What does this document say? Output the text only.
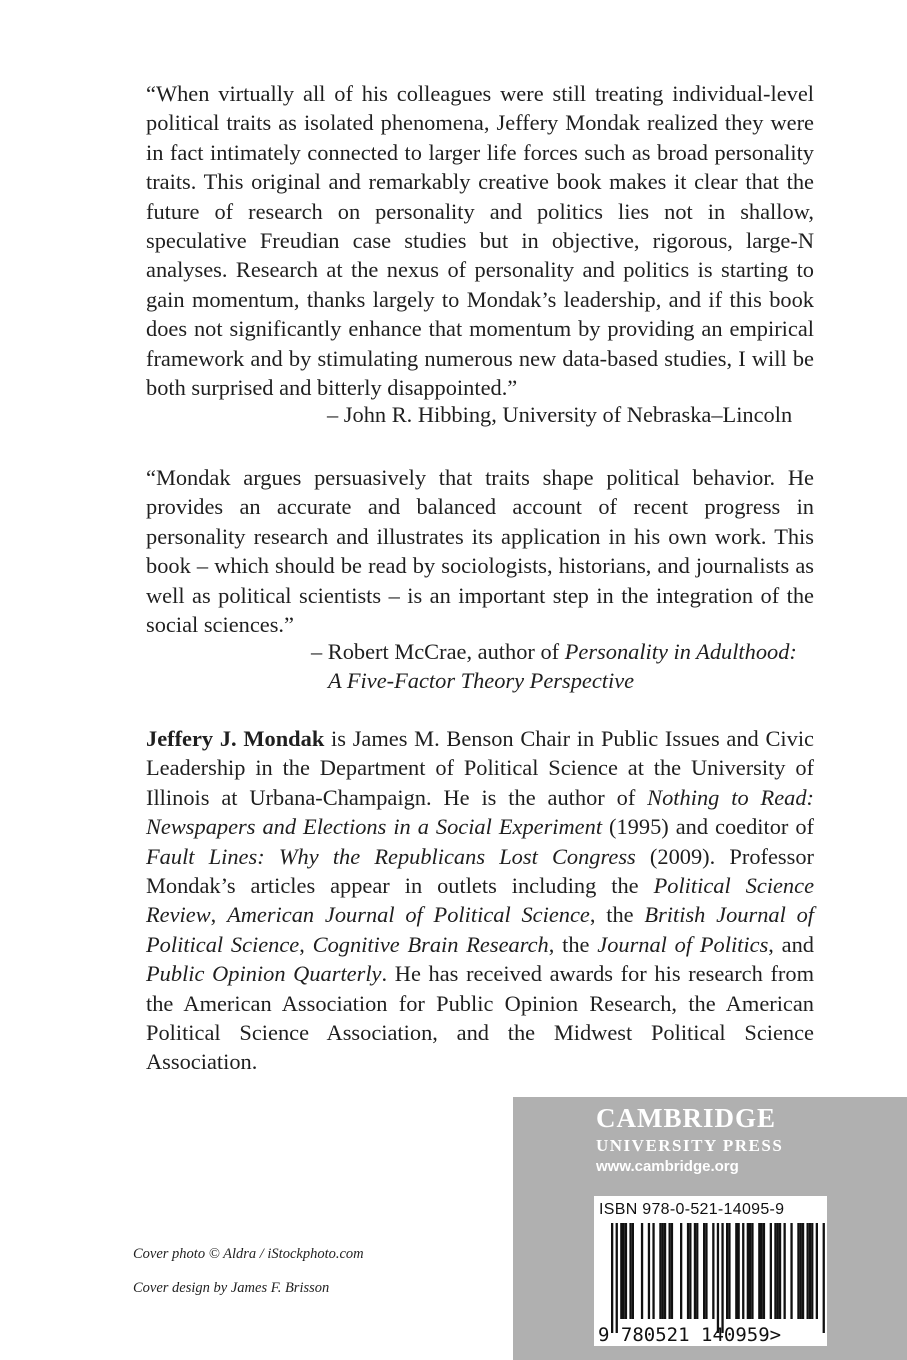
“When virtually all of his colleagues were still treating individual-level political traits as isolated phenomena, Jeffery Mondak realized they were in fact intimately connected to larger life forces such as broad personality traits. This original and remarkably creative book makes it clear that the future of research on personality and politics lies not in shallow, speculative Freudian case studies but in objective, rigorous, large-N analyses. Research at the nexus of personality and politics is starting to gain momentum, thanks largely to Mondak’s leadership, and if this book does not significantly enhance that momentum by providing an empirical framework and by stimulating numerous new data-based studies, I will be both surprised and bitterly disappointed.”

– John R. Hibbing, University of Nebraska–Lincoln

“Mondak argues persuasively that traits shape political behavior. He provides an accurate and balanced account of recent progress in personality research and illustrates its application in his own work. This book – which should be read by sociologists, historians, and journalists as well as political scientists – is an important step in the integration of the social sciences.”

– Robert McCrae, author of Personality in Adulthood:
A Five-Factor Theory Perspective

Jeffery J. Mondak is James M. Benson Chair in Public Issues and Civic Leadership in the Department of Political Science at the University of Illinois at Urbana-Champaign. He is the author of Nothing to Read: Newspapers and Elections in a Social Experiment (1995) and coeditor of Fault Lines: Why the Republicans Lost Congress (2009). Professor Mondak’s articles appear in outlets including the Political Science Review, American Journal of Political Science, the British Journal of Political Science, Cognitive Brain Research, the Journal of Politics, and Public Opinion Quarterly. He has received awards for his research from the American Association for Public Opinion Research, the American Political Science Association, and the Midwest Political Science Association.

Cover photo © Aldra / iStockphoto.com
Cover design by James F. Brisson
CAMBRIDGE
UNIVERSITY PRESS
www.cambridge.org
ISBN 978-0-521-14095-9
9 780521 140959>
